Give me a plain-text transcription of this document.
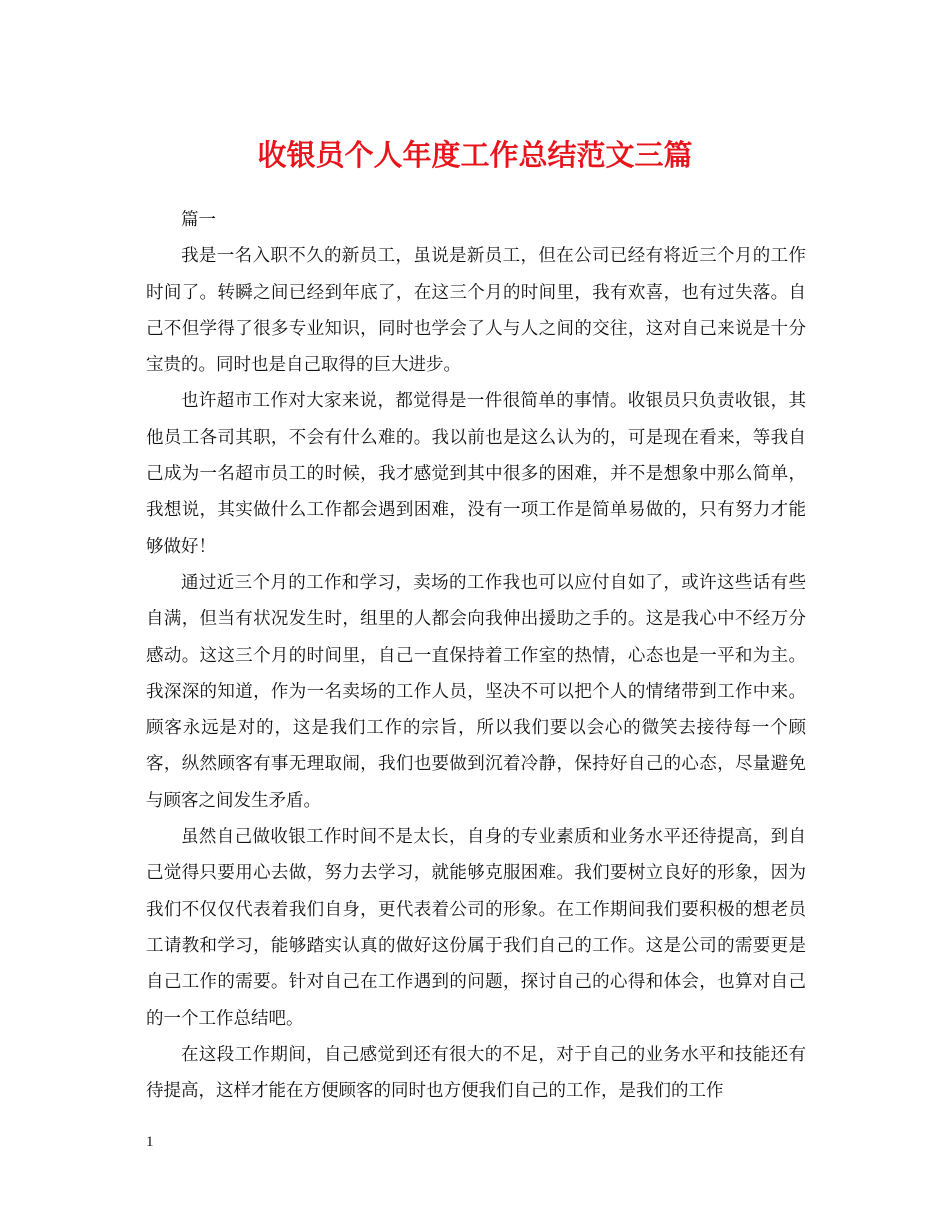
收银员个人年度工作总结范文三篇

篇一

我是一名入职不久的新员工，虽说是新员工，但在公司已经有将近三个月的工作时间了。转瞬之间已经到年底了，在这三个月的时间里，我有欢喜，也有过失落。自己不但学得了很多专业知识，同时也学会了人与人之间的交往，这对自己来说是十分宝贵的。同时也是自己取得的巨大进步。

也许超市工作对大家来说，都觉得是一件很简单的事情。收银员只负责收银，其他员工各司其职，不会有什么难的。我以前也是这么认为的，可是现在看来，等我自己成为一名超市员工的时候，我才感觉到其中很多的困难，并不是想象中那么简单，我想说，其实做什么工作都会遇到困难，没有一项工作是简单易做的，只有努力才能够做好！

通过近三个月的工作和学习，卖场的工作我也可以应付自如了，或许这些话有些自满，但当有状况发生时，组里的人都会向我伸出援助之手的。这是我心中不经万分感动。这这三个月的时间里，自己一直保持着工作室的热情，心态也是一平和为主。我深深的知道，作为一名卖场的工作人员，坚决不可以把个人的情绪带到工作中来。顾客永远是对的，这是我们工作的宗旨，所以我们要以会心的微笑去接待每一个顾客，纵然顾客有事无理取闹，我们也要做到沉着冷静，保持好自己的心态，尽量避免与顾客之间发生矛盾。

虽然自己做收银工作时间不是太长，自身的专业素质和业务水平还待提高，到自己觉得只要用心去做，努力去学习，就能够克服困难。我们要树立良好的形象，因为我们不仅仅代表着我们自身，更代表着公司的形象。在工作期间我们要积极的想老员工请教和学习，能够踏实认真的做好这份属于我们自己的工作。这是公司的需要更是自己工作的需要。针对自己在工作遇到的问题，探讨自己的心得和体会，也算对自己的一个工作总结吧。

在这段工作期间，自己感觉到还有很大的不足，对于自己的业务水平和技能还有待提高，这样才能在方便顾客的同时也方便我们自己的工作，是我们的工作

1
